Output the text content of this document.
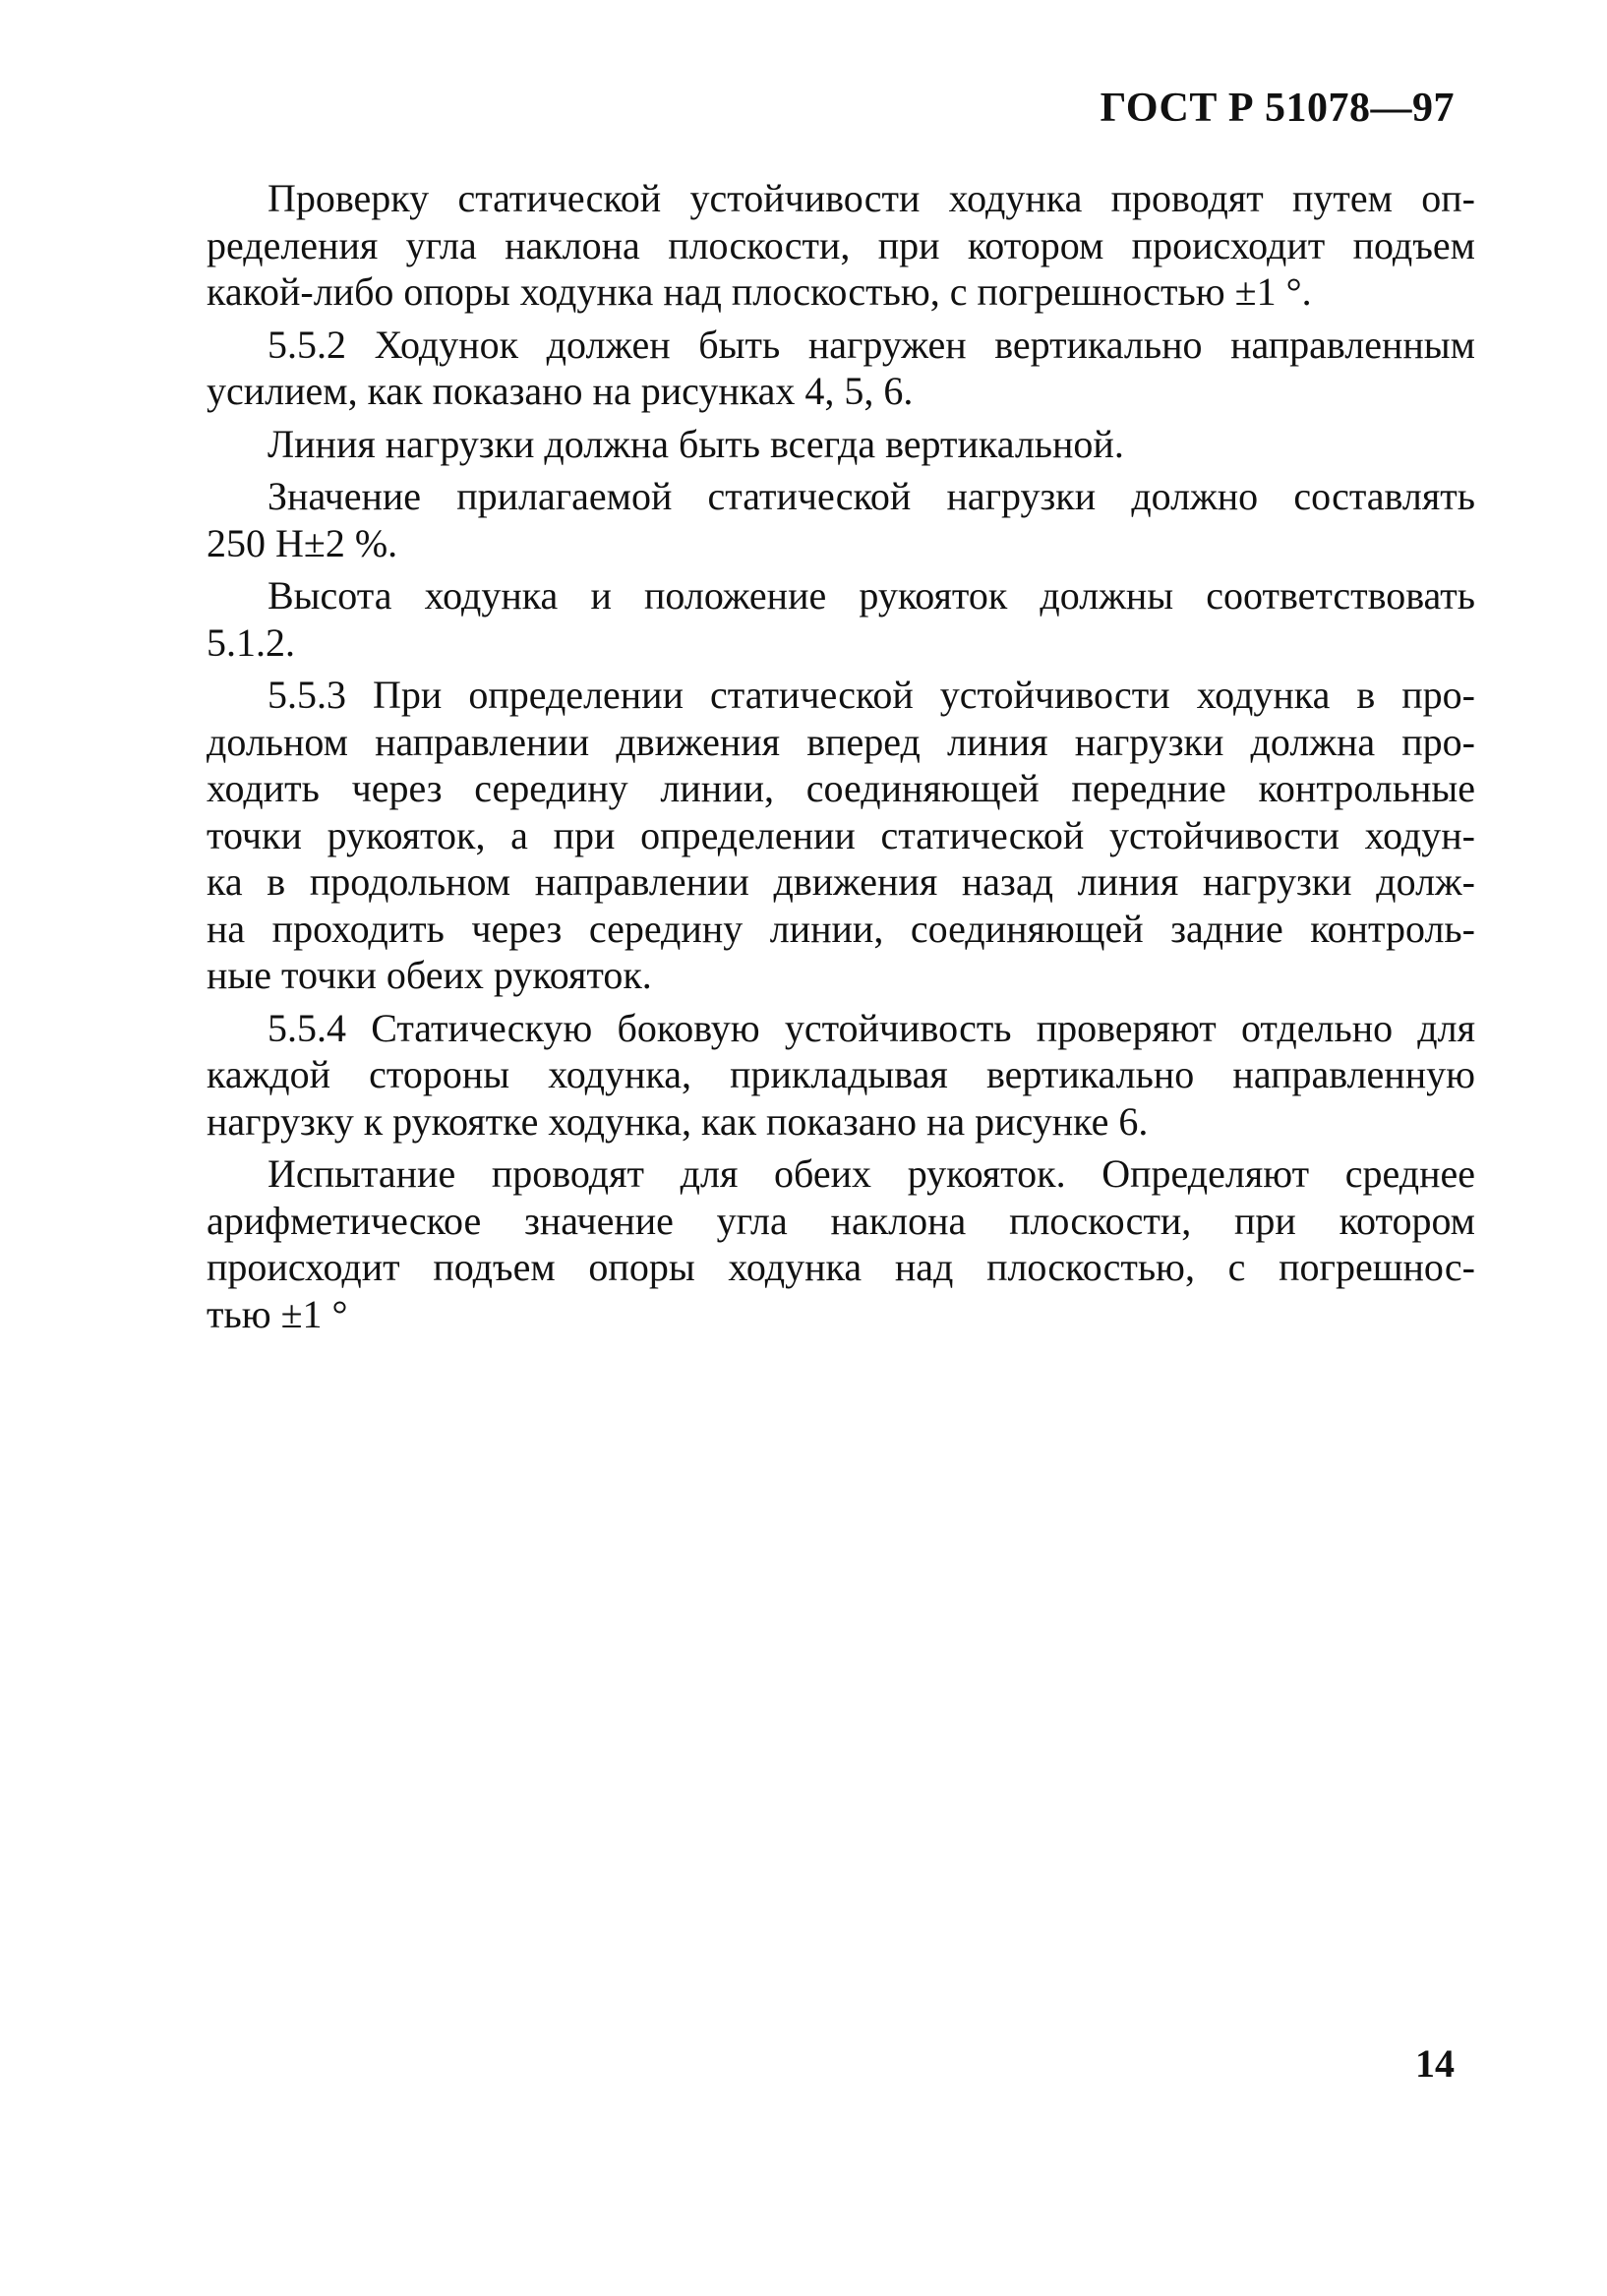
ГОСТ Р 51078—97
Проверку статической устойчивости ходунка проводят путем оп-
ределения угла наклона плоскости, при котором происходит подъем
какой-либо опоры ходунка над плоскостью, с погрешностью ±1 °.
5.5.2 Ходунок должен быть нагружен вертикально направленным
усилием, как показано на рисунках 4, 5, 6.
Линия нагрузки должна быть всегда вертикальной.
Значение прилагаемой статической нагрузки должно составлять
250 Н±2 %.
Высота ходунка и положение рукояток должны соответствовать
5.1.2.
5.5.3 При определении статической устойчивости ходунка в про-
дольном направлении движения вперед линия нагрузки должна про-
ходить через середину линии, соединяющей передние контрольные
точки рукояток, а при определении статической устойчивости ходун-
ка в продольном направлении движения назад линия нагрузки долж-
на проходить через середину линии, соединяющей задние контроль-
ные точки обеих рукояток.
5.5.4 Статическую боковую устойчивость проверяют отдельно для
каждой стороны ходунка, прикладывая вертикально направленную
нагрузку к рукоятке ходунка, как показано на рисунке 6.
Испытание проводят для обеих рукояток. Определяют среднее
арифметическое значение угла наклона плоскости, при котором
происходит подъем опоры ходунка над плоскостью, с погрешнос-
тью ±1 °
14
